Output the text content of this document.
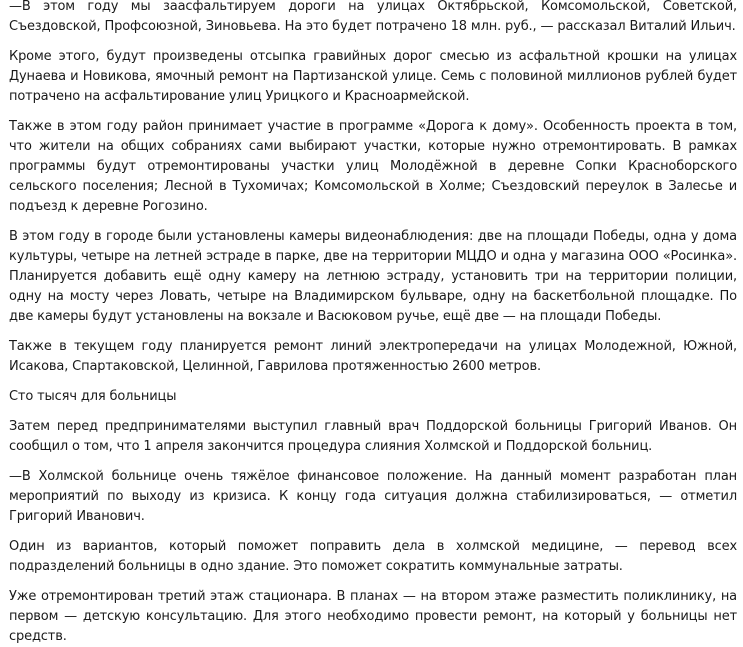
—В этом году мы заасфальтируем дороги на улицах Октябрьской, Комсомольской, Советской, Съездовской, Профсоюзной, Зиновьева. На это будет потрачено 18 млн. руб., — рассказал Виталий Ильич.

Кроме этого, будут произведены отсыпка гравийных дорог смесью из асфальтной крошки на улицах Дунаева и Новикова, ямочный ремонт на Партизанской улице. Семь с половиной миллионов рублей будет потрачено на асфальтирование улиц Урицкого и Красноармейской.

Также в этом году район принимает участие в программе «Дорога к дому». Особенность проекта в том, что жители на общих собраниях сами выбирают участки, которые нужно отремонтировать. В рамках программы будут отремонтированы участки улиц Молодёжной в деревне Сопки Красноборского сельского поселения; Лесной в Тухомичах; Комсомольской в Холме; Съездовский переулок в Залесье и подъезд к деревне Рогозино.

В этом году в городе были установлены камеры видеонаблюдения: две на площади Победы, одна у дома культуры, четыре на летней эстраде в парке, две на территории МЦДО и одна у магазина ООО «Росинка». Планируется добавить ещё одну камеру на летнюю эстраду, установить три на территории полиции, одну на мосту через Ловать, четыре на Владимирском бульваре, одну на баскетбольной площадке. По две камеры будут установлены на вокзале и Васюковом ручье, ещё две — на площади Победы.

Также в текущем году планируется ремонт линий электропередачи на улицах Молодежной, Южной, Исакова, Спартаковской, Целинной, Гаврилова протяженностью 2600 метров.

Сто тысяч для больницы

Затем перед предпринимателями выступил главный врач Поддорской больницы Григорий Иванов. Он сообщил о том, что 1 апреля закончится процедура слияния Холмской и Поддорской больниц.

—В Холмской больнице очень тяжёлое финансовое положение. На данный момент разработан план мероприятий по выходу из кризиса. К концу года ситуация должна стабилизироваться, — отметил Григорий Иванович.

Один из вариантов, который поможет поправить дела в холмской медицине, — перевод всех подразделений больницы в одно здание. Это поможет сократить коммунальные затраты.

Уже отремонтирован третий этаж стационара. В планах — на втором этаже разместить поликлинику, на первом — детскую консультацию. Для этого необходимо провести ремонт, на который у больницы нет средств.
